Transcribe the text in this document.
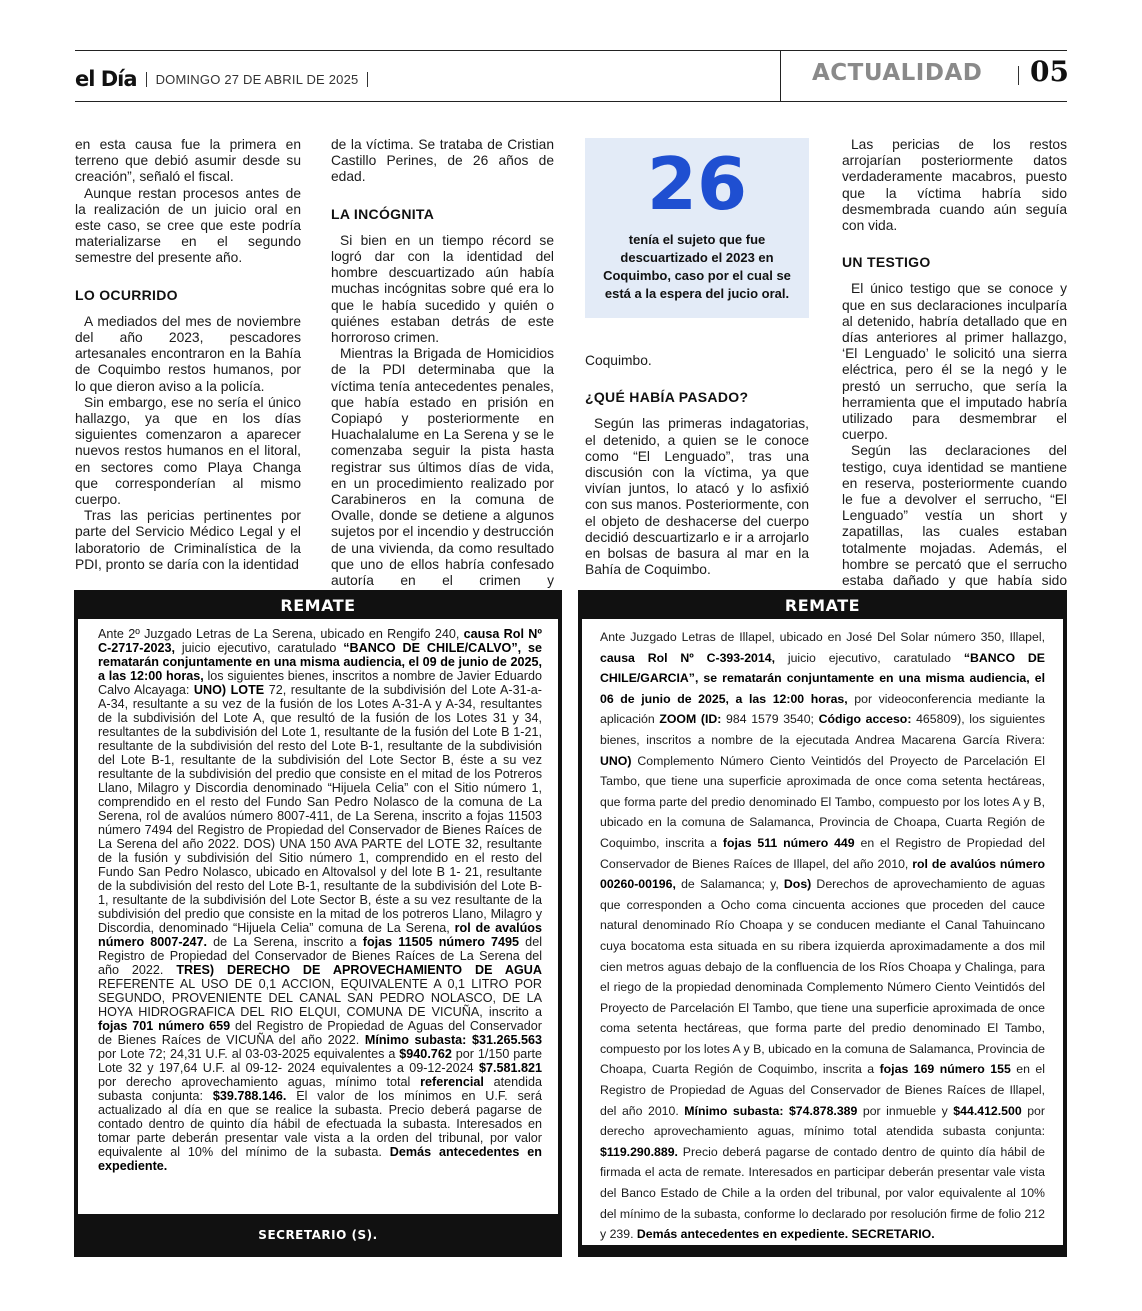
el Día DOMINGO 27 DE ABRIL DE 2025	ACTUALIDAD 05

en esta causa fue la primera en terreno que debió asumir desde su creación”, señaló el fiscal.

Aunque restan procesos antes de la realización de un juicio oral en este caso, se cree que este podría materializarse en el segundo semestre del presente año.

LO OCURRIDO

A mediados del mes de noviembre del año 2023, pescadores artesanales encontraron en la Bahía de Coquimbo restos humanos, por lo que dieron aviso a la policía.

Sin embargo, ese no sería el único hallazgo, ya que en los días siguientes comenzaron a aparecer nuevos restos humanos en el litoral, en sectores como Playa Changa que corresponderían al mismo cuerpo.

Tras las pericias pertinentes por parte del Servicio Médico Legal y el laboratorio de Criminalística de la PDI, pronto se daría con la identidad

de la víctima. Se trataba de Cristian Castillo Perines, de 26 años de edad.

LA INCÓGNITA

Si bien en un tiempo récord se logró dar con la identidad del hombre descuartizado aún había muchas incógnitas sobre qué era lo que le había sucedido y quién o quiénes estaban detrás de este horroroso crimen.

Mientras la Brigada de Homicidios de la PDI determinaba que la víctima tenía antecedentes penales, que había estado en prisión en Copiapó y posteriormente en Huachalalume en La Serena y se le comenzaba seguir la pista hasta registrar sus últimos días de vida, en un procedimiento realizado por Carabineros en la comuna de Ovalle, donde se detiene a algunos sujetos por el incendio y destrucción de una vivienda, da como resultado que uno de ellos habría confesado autoría en el crimen y

26
tenía el sujeto que fue descuartizado el 2023 en Coquimbo, caso por el cual se está a la espera del jucio oral.

Coquimbo.

¿QUÉ HABÍA PASADO?

Según las primeras indagatorias, el detenido, a quien se le conoce como “El Lenguado”, tras una discusión con la víctima, ya que vivían juntos, lo atacó y lo asfixió con sus manos. Posteriormente, con el objeto de deshacerse del cuerpo decidió descuartizarlo e ir a arrojarlo en bolsas de basura al mar en la Bahía de Coquimbo.

Las pericias de los restos arrojarían posteriormente datos verdaderamente macabros, puesto que la víctima habría sido desmembrada cuando aún seguía con vida.

UN TESTIGO

El único testigo que se conoce y que en sus declaraciones inculparía al detenido, habría detallado que en días anteriores al primer hallazgo, ‘El Lenguado’ le solicitó una sierra eléctrica, pero él se la negó y le prestó un serrucho, que sería la herramienta que el imputado habría utilizado para desmembrar el cuerpo.

Según las declaraciones del testigo, cuya identidad se mantiene en reserva, posteriormente cuando le fue a devolver el serrucho, “El Lenguado” vestía un short y zapatillas, las cuales estaban totalmente mojadas. Además, el hombre se percató que el serrucho estaba dañado y que había sido

REMATE

Ante 2º Juzgado Letras de La Serena, ubicado en Rengifo 240, causa Rol Nº C-2717-2023, juicio ejecutivo, caratulado “BANCO DE CHILE/CALVO”, se rematarán conjuntamente en una misma audiencia, el 09 de junio de 2025, a las 12:00 horas, los siguientes bienes, inscritos a nombre de Javier Eduardo Calvo Alcayaga: UNO) LOTE 72, resultante de la subdivisión del Lote A-31-a-A-34, resultante a su vez de la fusión de los Lotes A-31-A y A-34, resultantes de la subdivisión del Lote A, que resultó de la fusión de los Lotes 31 y 34, resultantes de la subdivisión del Lote 1, resultante de la fusión del Lote B 1-21, resultante de la subdivisión del resto del Lote B-1, resultante de la subdivisión del Lote B-1, resultante de la subdivisión del Lote Sector B, éste a su vez resultante de la subdivisión del predio que consiste en el mitad de los Potreros Llano, Milagro y Discordia denominado “Hijuela Celia” con el Sitio número 1, comprendido en el resto del Fundo San Pedro Nolasco de la comuna de La Serena, rol de avalúos número 8007-411, de La Serena, inscrito a fojas 11503 número 7494 del Registro de Propiedad del Conservador de Bienes Raíces de La Serena del año 2022. DOS) UNA 150 AVA PARTE del LOTE 32, resultante de la fusión y subdivisión del Sitio número 1, comprendido en el resto del Fundo San Pedro Nolasco, ubicado en Altovalsol y del lote B 1- 21, resultante de la subdivisión del resto del Lote B-1, resultante de la subdivisión del Lote B-1, resultante de la subdivisión del Lote Sector B, éste a su vez resultante de la subdivisión del predio que consiste en la mitad de los potreros Llano, Milagro y Discordia, denominado “Hijuela Celia” comuna de La Serena, rol de avalúos número 8007-247. de La Serena, inscrito a fojas 11505 número 7495 del Registro de Propiedad del Conservador de Bienes Raíces de La Serena del año 2022. TRES) DERECHO DE APROVECHAMIENTO DE AGUA REFERENTE AL USO DE 0,1 ACCION, EQUIVALENTE A 0,1 LITRO POR SEGUNDO, PROVENIENTE DEL CANAL SAN PEDRO NOLASCO, DE LA HOYA HIDROGRAFICA DEL RIO ELQUI, COMUNA DE VICUÑA, inscrito a fojas 701 número 659 del Registro de Propiedad de Aguas del Conservador de Bienes Raíces de VICUÑA del año 2022. Mínimo subasta: $31.265.563 por Lote 72; 24,31 U.F. al 03-03-2025 equivalentes a $940.762 por 1/150 parte Lote 32 y 197,64 U.F. al 09-12- 2024 equivalentes a 09-12-2024 $7.581.821 por derecho aprovechamiento aguas, mínimo total referencial atendida subasta conjunta: $39.788.146. El valor de los mínimos en U.F. será actualizado al día en que se realice la subasta. Precio deberá pagarse de contado dentro de quinto día hábil de efectuada la subasta. Interesados en tomar parte deberán presentar vale vista a la orden del tribunal, por valor equivalente al 10% del mínimo de la subasta. Demás antecedentes en expediente.

SECRETARIO (S).
REMATE

Ante Juzgado Letras de Illapel, ubicado en José Del Solar número 350, Illapel, causa Rol Nº C-393-2014, juicio ejecutivo, caratulado “BANCO DE CHILE/GARCIA”, se rematarán conjuntamente en una misma audiencia, el 06 de junio de 2025, a las 12:00 horas, por videoconferencia mediante la aplicación ZOOM (ID: 984 1579 3540; Código acceso: 465809), los siguientes bienes, inscritos a nombre de la ejecutada Andrea Macarena García Rivera: UNO) Complemento Número Ciento Veintidós del Proyecto de Parcelación El Tambo, que tiene una superficie aproximada de once coma setenta hectáreas, que forma parte del predio denominado El Tambo, compuesto por los lotes A y B, ubicado en la comuna de Salamanca, Provincia de Choapa, Cuarta Región de Coquimbo, inscrita a fojas 511 número 449 en el Registro de Propiedad del Conservador de Bienes Raíces de Illapel, del año 2010, rol de avalúos número 00260-00196, de Salamanca; y, Dos) Derechos de aprovechamiento de aguas que corresponden a Ocho coma cincuenta acciones que proceden del cauce natural denominado Río Choapa y se conducen mediante el Canal Tahuincano cuya bocatoma esta situada en su ribera izquierda aproximadamente a dos mil cien metros aguas debajo de la confluencia de los Ríos Choapa y Chalinga, para el riego de la propiedad denominada Complemento Número Ciento Veintidós del Proyecto de Parcelación El Tambo, que tiene una superficie aproximada de once coma setenta hectáreas, que forma parte del predio denominado El Tambo, compuesto por los lotes A y B, ubicado en la comuna de Salamanca, Provincia de Choapa, Cuarta Región de Coquimbo, inscrita a fojas 169 número 155 en el Registro de Propiedad de Aguas del Conservador de Bienes Raíces de Illapel, del año 2010. Mínimo subasta: $74.878.389 por inmueble y $44.412.500 por derecho aprovechamiento aguas, mínimo total atendida subasta conjunta: $119.290.889. Precio deberá pagarse de contado dentro de quinto día hábil de firmada el acta de remate. Interesados en participar deberán presentar vale vista del Banco Estado de Chile a la orden del tribunal, por valor equivalente al 10% del mínimo de la subasta, conforme lo declarado por resolución firme de folio 212 y 239. Demás antecedentes en expediente. SECRETARIO.
